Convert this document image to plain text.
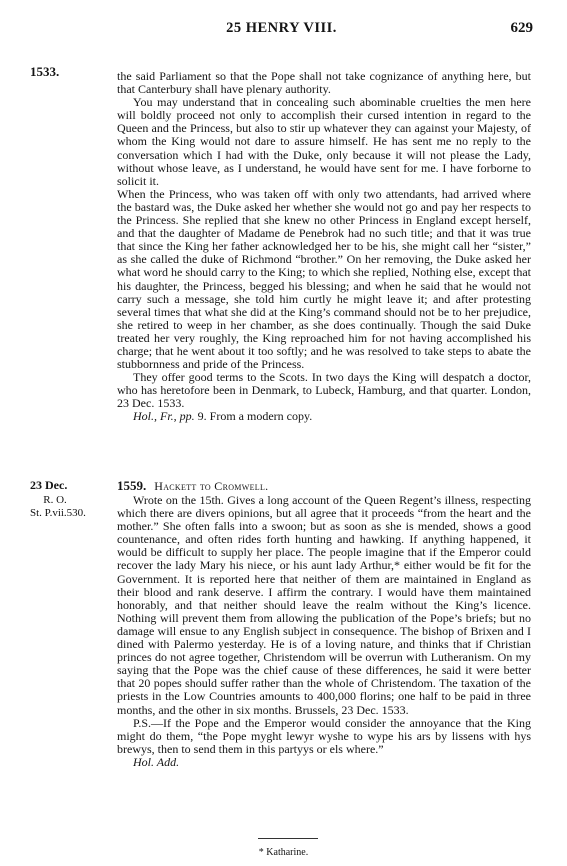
25 HENRY VIII.	629
1533.	the said Parliament so that the Pope shall not take cognizance of anything here, but that Canterbury shall have plenary authority.

You may understand that in concealing such abominable cruelties the men here will boldly proceed not only to accomplish their cursed intention in regard to the Queen and the Princess, but also to stir up whatever they can against your Majesty, of whom the King would not dare to assure himself. He has sent me no reply to the conversation which I had with the Duke, only because it will not please the Lady, without whose leave, as I understand, he would have sent for me. I have forborne to solicit it.

When the Princess, who was taken off with only two attendants, had arrived where the bastard was, the Duke asked her whether she would not go and pay her respects to the Princess. She replied that she knew no other Princess in England except herself, and that the daughter of Madame de Penebrok had no such title; and that it was true that since the King her father acknowledged her to be his, she might call her “sister,” as she called the duke of Richmond “brother.” On her removing, the Duke asked her what word he should carry to the King; to which she replied, Nothing else, except that his daughter, the Princess, begged his blessing; and when he said that he would not carry such a message, she told him curtly he might leave it; and after protesting several times that what she did at the King’s command should not be to her prejudice, she retired to weep in her chamber, as she does continually. Though the said Duke treated her very roughly, the King reproached him for not having accomplished his charge; that he went about it too softly; and he was resolved to take steps to abate the stubbornness and pride of the Princess.

They offer good terms to the Scots. In two days the King will despatch a doctor, who has heretofore been in Denmark, to Lubeck, Hamburg, and that quarter. London, 23 Dec. 1533.

Hol., Fr., pp. 9. From a modern copy.

23 Dec.
R. O.
St. P.vii.530.
1559. Hackett to Cromwell.

Wrote on the 15th. Gives a long account of the Queen Regent’s illness, respecting which there are divers opinions, but all agree that it proceeds “from the heart and the mother.” She often falls into a swoon; but as soon as she is mended, shows a good countenance, and often rides forth hunting and hawking. If anything happened, it would be difficult to supply her place. The people imagine that if the Emperor could recover the lady Mary his niece, or his aunt lady Arthur,* either would be fit for the Government. It is reported here that neither of them are maintained in England as their blood and rank deserve. I affirm the contrary. I would have them maintained honorably, and that neither should leave the realm without the King’s licence. Nothing will prevent them from allowing the publication of the Pope’s briefs; but no damage will ensue to any English subject in consequence. The bishop of Brixen and I dined with Palermo yesterday. He is of a loving nature, and thinks that if Christian princes do not agree together, Christendom will be overrun with Lutheranism. On my saying that the Pope was the chief cause of these differences, he said it were better that 20 popes should suffer rather than the whole of Christendom. The taxation of the priests in the Low Countries amounts to 400,000 florins; one half to be paid in three months, and the other in six months. Brussels, 23 Dec. 1533.

P.S.—If the Pope and the Emperor would consider the annoyance that the King might do them, “the Pope myght lewyr wyshe to wype his ars by lissens with hys brewys, then to send them in this partyys or els where.”

Hol. Add.

* Katharine.
